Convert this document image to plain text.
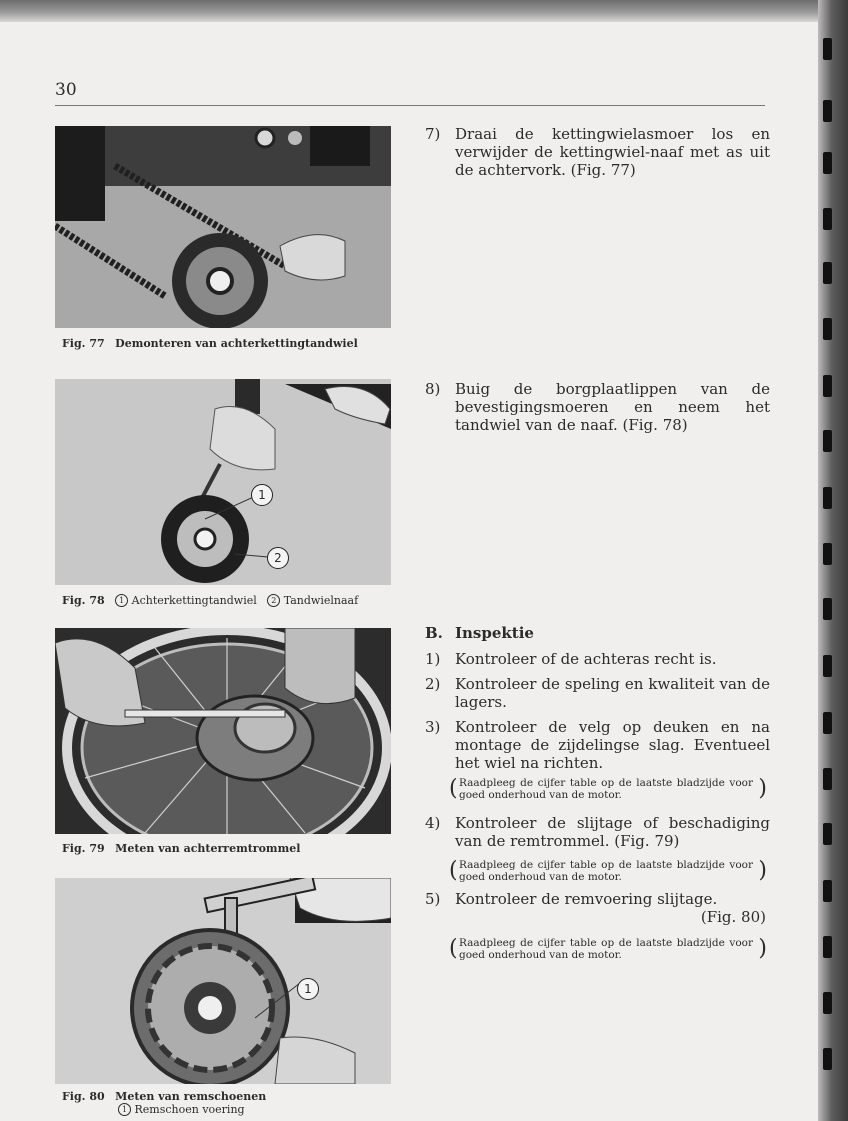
30
Fig. 77 Demonteren van achterkettingtandwiel
1
2
Fig. 78 1 Achterkettingtandwiel 2 Tandwielnaaf
Fig. 79 Meten van achterremtrommel
1
Fig. 80 Meten van remschoenen
1 Remschoen voering
7) Draai de kettingwielasmoer los en verwijder de kettingwiel-naaf met as uit de achtervork. (Fig. 77)
8) Buig de borgplaatlippen van de bevestigingsmoeren en neem het tandwiel van de naaf. (Fig. 78)
B. Inspektie
1) Kontroleer of de achteras recht is.
2) Kontroleer de speling en kwaliteit van de lagers.
3) Kontroleer de velg op deuken en na montage de zijdelingse slag. Eventueel het wiel na richten.
( Raadpleeg de cijfer table op de laatste bladzijde voor goed onderhoud van de motor.	)
4) Kontroleer de slijtage of beschadiging van de remtrommel. (Fig. 79)
( Raadpleeg de cijfer table op de laatste bladzijde voor goed onderhoud van de motor.	)
5) Kontroleer de remvoering slijtage.
(Fig. 80)
( Raadpleeg de cijfer table op de laatste bladzijde voor goed onderhoud van de motor.	)
